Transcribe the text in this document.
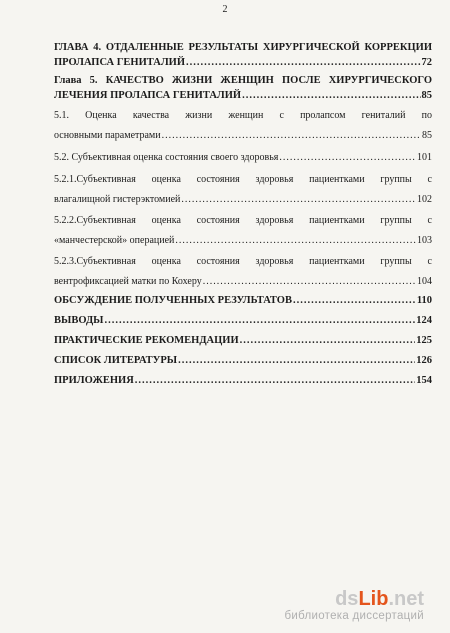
2
ГЛАВА 4. ОТДАЛЕННЫЕ РЕЗУЛЬТАТЫ ХИРУРГИЧЕСКОЙ КОРРЕКЦИИ
ПРОЛАПСА ГЕНИТАЛИЙ .....	72
Глава 5. КАЧЕСТВО ЖИЗНИ ЖЕНЩИН ПОСЛЕ ХИРУРГИЧЕСКОГО
ЛЕЧЕНИЯ ПРОЛАПСА ГЕНИТАЛИЙ .....	85
5.1. Оценка качества жизни женщин с пролапсом гениталий по
основными параметрами .....	85
5.2. Субъективная оценка состояния своего здоровья .....	101
5.2.1.Субъективная оценка состояния здоровья пациентками группы с
влагалищной гистерэктомией .....	102
5.2.2.Субъективная оценка состояния здоровья пациентками группы с
«манчестерской» операцией .....	103
5.2.3.Субъективная оценка состояния здоровья пациентками группы с
вентрофиксацией матки по Кохеру .....	104
ОБСУЖДЕНИЕ ПОЛУЧЕННЫХ РЕЗУЛЬТАТОВ .....	110
ВЫВОДЫ .....	124
ПРАКТИЧЕСКИЕ РЕКОМЕНДАЦИИ .....	125
СПИСОК ЛИТЕРАТУРЫ .....	126
ПРИЛОЖЕНИЯ .....	154
dsLib.net
библиотека диссертаций
